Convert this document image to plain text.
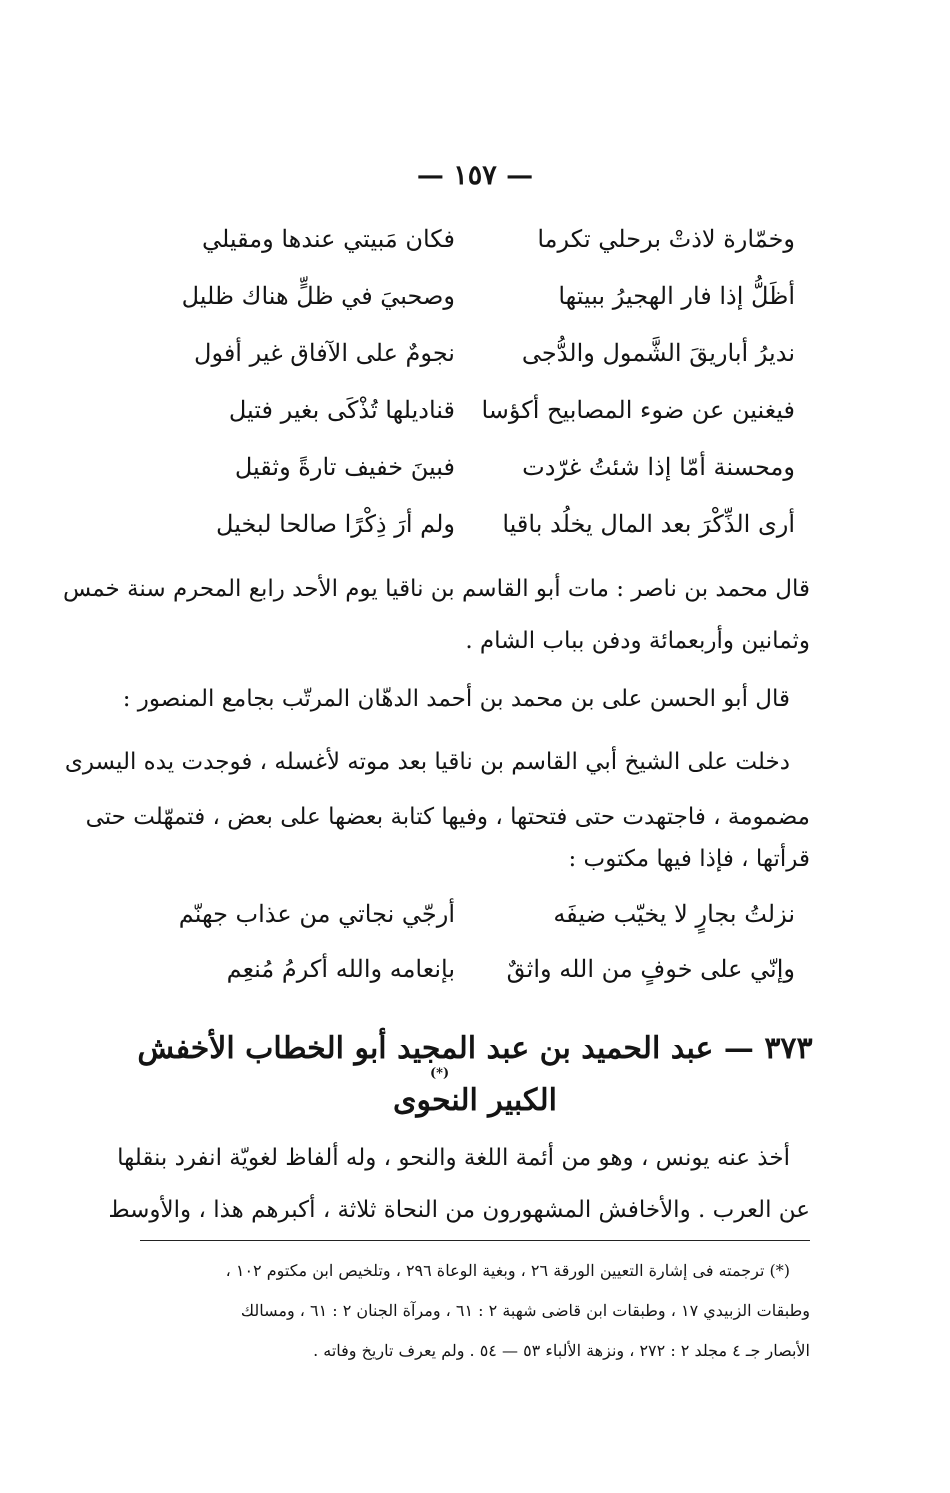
— ١٥٧ —
وخمّارة لاذتْ برحلي تكرما
فكان مَبيتي عندها ومقيلي
أظَلُّ إذا فار الهجيرُ ببيتها
وصحبيَ في ظلٍّ هناك ظليل
نديرُ أباريقَ الشَّمول والدُّجى
نجومٌ على الآفاق غير أفول
فيغنين عن ضوء المصابيح أكؤسا
قناديلها تُذْكَى بغير فتيل
ومحسنة أمّا إذا شئتُ غرّدت
فبينَ خفيف تارةً وثقيل
أرى الذِّكْرَ بعد المال يخلُد باقيا
ولم أرَ ذِكْرًا صالحا لبخيل
قال محمد بن ناصر : مات أبو القاسم بن ناقيا يوم الأحد رابع المحرم سنة خمس
وثمانين وأربعمائة ودفن بباب الشام .
قال أبو الحسن على بن محمد بن أحمد الدهّان المرتّب بجامع المنصور :
دخلت على الشيخ أبي القاسم بن ناقيا بعد موته لأغسله ، فوجدت يده اليسرى
مضمومة ، فاجتهدت حتى فتحتها ، وفيها كتابة بعضها على بعض ، فتمهّلت حتى
قرأتها ، فإذا فيها مكتوب :
نزلتُ بجارٍ لا يخيّب ضيفَه
أرجّي نجاتي من عذاب جهنّم
وإنّي على خوفٍ من الله واثقٌ
بإنعامه والله أكرمُ مُنعِم
٣٧٣ — عبد الحميد بن عبد المجيد أبو الخطاب الأخفش
(*)
الكبير النحوى
أخذ عنه يونس ، وهو من أئمة اللغة والنحو ، وله ألفاظ لغويّة انفرد بنقلها
عن العرب . والأخافش المشهورون من النحاة ثلاثة ، أكبرهم هذا ، والأوسط
(*) ترجمته فى إشارة التعيين الورقة ٢٦ ، وبغية الوعاة ٢٩٦ ، وتلخيص ابن مكتوم ١٠٢ ،
وطبقات الزبيدي ١٧ ، وطبقات ابن قاضى شهبة ٢ : ٦١ ، ومرآة الجنان ٢ : ٦١ ، ومسالك
الأبصار جـ ٤ مجلد ٢ : ٢٧٢ ، ونزهة الألباء ٥٣ — ٥٤ . ولم يعرف تاريخ وفاته .
